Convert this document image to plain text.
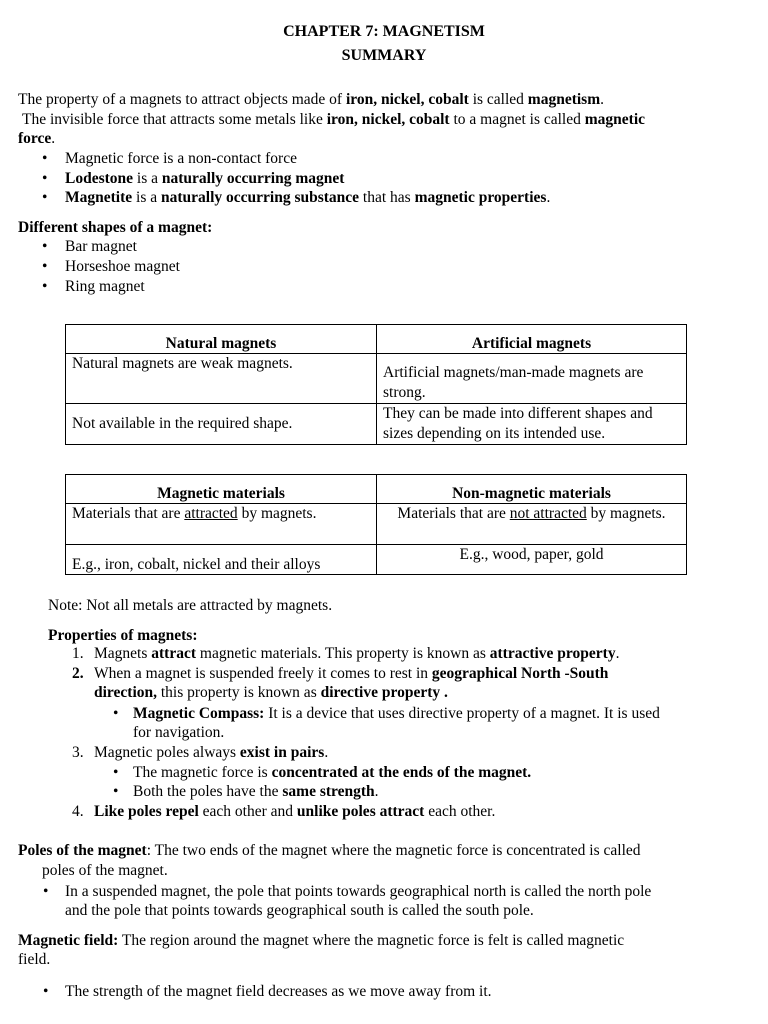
CHAPTER 7: MAGNETISM
SUMMARY
The property of a magnets to attract objects made of iron, nickel, cobalt is called magnetism.
The invisible force that attracts some metals like iron, nickel, cobalt to a magnet is called magnetic
force.
• Magnetic force is a non-contact force
• Lodestone is a naturally occurring magnet
• Magnetite is a naturally occurring substance that has magnetic properties.
Different shapes of a magnet:
• Bar magnet
• Horseshoe magnet
• Ring magnet
Natural magnets	Artificial magnets
Natural magnets are weak magnets.	Artificial magnets/man-made magnets are strong.
Not available in the required shape.	They can be made into different shapes and sizes depending on its intended use.
Magnetic materials	Non-magnetic materials
Materials that are attracted by magnets.	Materials that are not attracted by magnets.
E.g., iron, cobalt, nickel and their alloys	E.g., wood, paper, gold
Note: Not all metals are attracted by magnets.
Properties of magnets:
1. Magnets attract magnetic materials. This property is known as attractive property.
2. When a magnet is suspended freely it comes to rest in geographical North -South
direction, this property is known as directive property .
• Magnetic Compass: It is a device that uses directive property of a magnet. It is used
for navigation.
3. Magnetic poles always exist in pairs.
• The magnetic force is concentrated at the ends of the magnet.
• Both the poles have the same strength.
4. Like poles repel each other and unlike poles attract each other.
Poles of the magnet: The two ends of the magnet where the magnetic force is concentrated is called
poles of the magnet.
• In a suspended magnet, the pole that points towards geographical north is called the north pole
and the pole that points towards geographical south is called the south pole.
Magnetic field: The region around the magnet where the magnetic force is felt is called magnetic
field.
• The strength of the magnet field decreases as we move away from it.
